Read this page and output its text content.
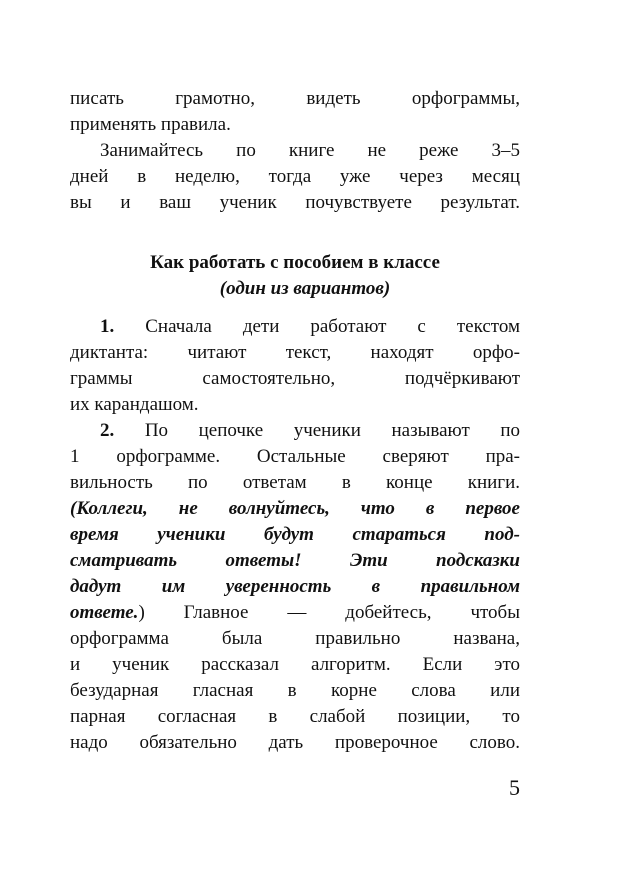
писать грамотно, видеть орфограммы,
применять правила.
Занимайтесь по книге не реже 3–5
дней в неделю, тогда уже через месяц
вы и ваш ученик почувствуете результат.
Как работать с пособием в классе
(один из вариантов)
1. Сначала дети работают с текстом
диктанта: читают текст, находят орфо-
граммы самостоятельно, подчёркивают
их карандашом.
2. По цепочке ученики называют по
1 орфограмме. Остальные сверяют пра-
вильность по ответам в конце книги.
(Коллеги, не волнуйтесь, что в первое
время ученики будут стараться под-
сматривать ответы! Эти подсказки
дадут им уверенность в правильном
ответе.) Главное — добейтесь, чтобы
орфограмма была правильно названа,
и ученик рассказал алгоритм. Если это
безударная гласная в корне слова или
парная согласная в слабой позиции, то
надо обязательно дать проверочное слово.
5
